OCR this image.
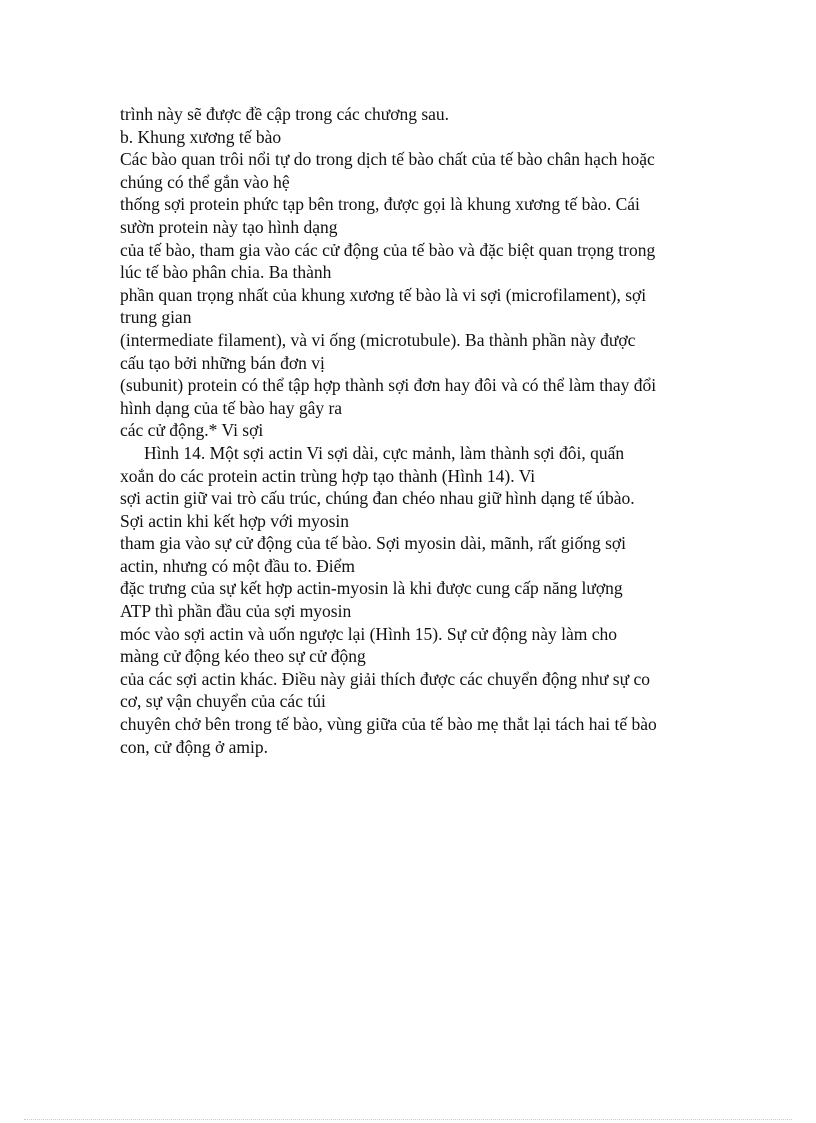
trình này sẽ được đề cập trong các chương sau.
b. Khung xương tế bào
Các bào quan trôi nổi tự do trong dịch tế bào chất của tế bào chân hạch hoặc
chúng có thể gắn vào hệ
thống sợi protein phức tạp bên trong, được gọi là khung xương tế bào. Cái
sườn protein này tạo hình dạng
của tế bào, tham gia vào các cử động của tế bào và đặc biệt quan trọng trong
lúc tế bào phân chia. Ba thành
phần quan trọng nhất của khung xương tế bào là vi sợi (microfilament), sợi
trung gian
(intermediate filament), và vi ống (microtubule). Ba thành phần này được
cấu tạo bởi những bán đơn vị
(subunit) protein có thể tập hợp thành sợi đơn hay đôi và có thể làm thay đổi
hình dạng của tế bào hay gây ra
các cử động.* Vi sợi
Hình 14. Một sợi actin Vi sợi dài, cực mảnh, làm thành sợi đôi, quấn
xoắn do các protein actin trùng hợp tạo thành (Hình 14). Vi
sợi actin giữ vai trò cấu trúc, chúng đan chéo nhau giữ hình dạng tế úbào.
Sợi actin khi kết hợp với myosin
tham gia vào sự cử động của tế bào. Sợi myosin dài, mãnh, rất giống sợi
actin, nhưng có một đầu to. Điểm
đặc trưng của sự kết hợp actin-myosin là khi được cung cấp năng lượng
ATP thì phần đầu của sợi myosin
móc vào sợi actin và uốn ngược lại (Hình 15). Sự cử động này làm cho
màng cử động kéo theo sự cử động
của các sợi actin khác. Điều này giải thích được các chuyển động như sự co
cơ, sự vận chuyển của các túi
chuyên chở bên trong tế bào, vùng giữa của tế bào mẹ thắt lại tách hai tế bào
con, cử động ở amip.
